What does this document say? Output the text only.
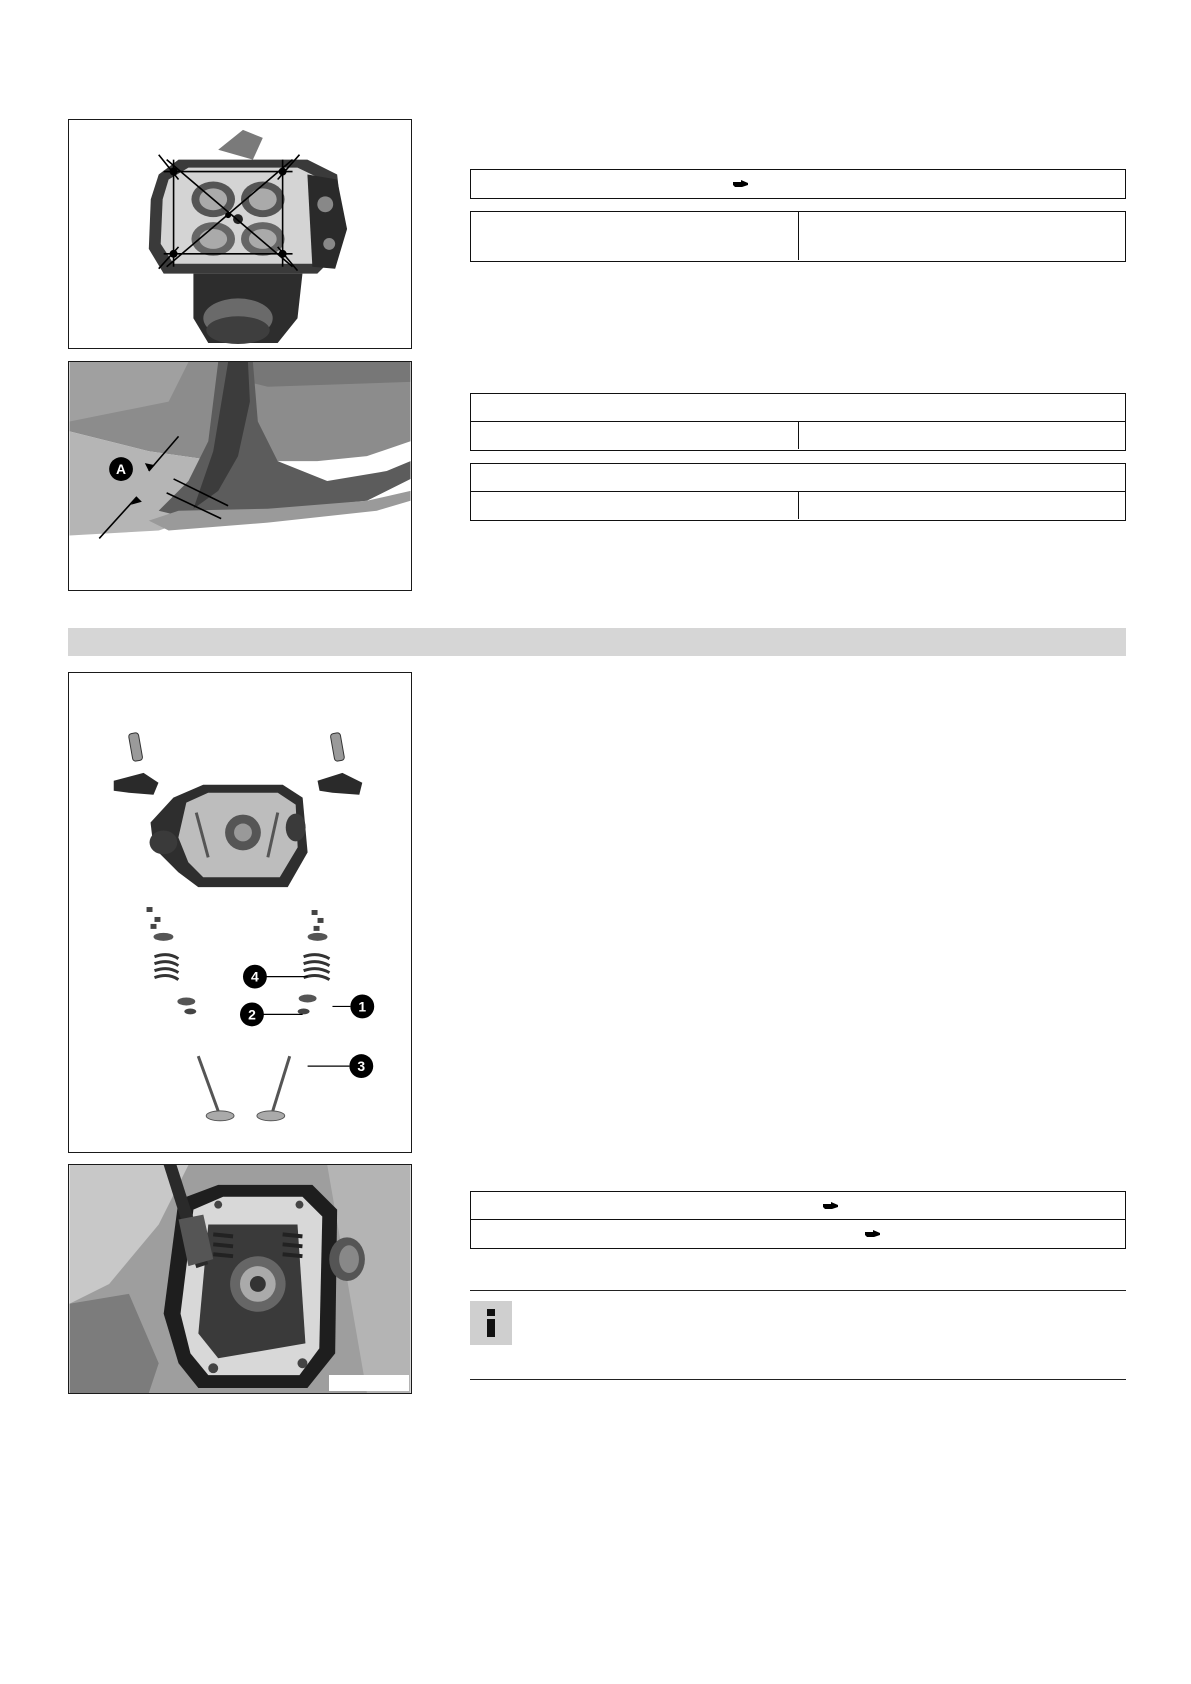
A
4
1
2
3
